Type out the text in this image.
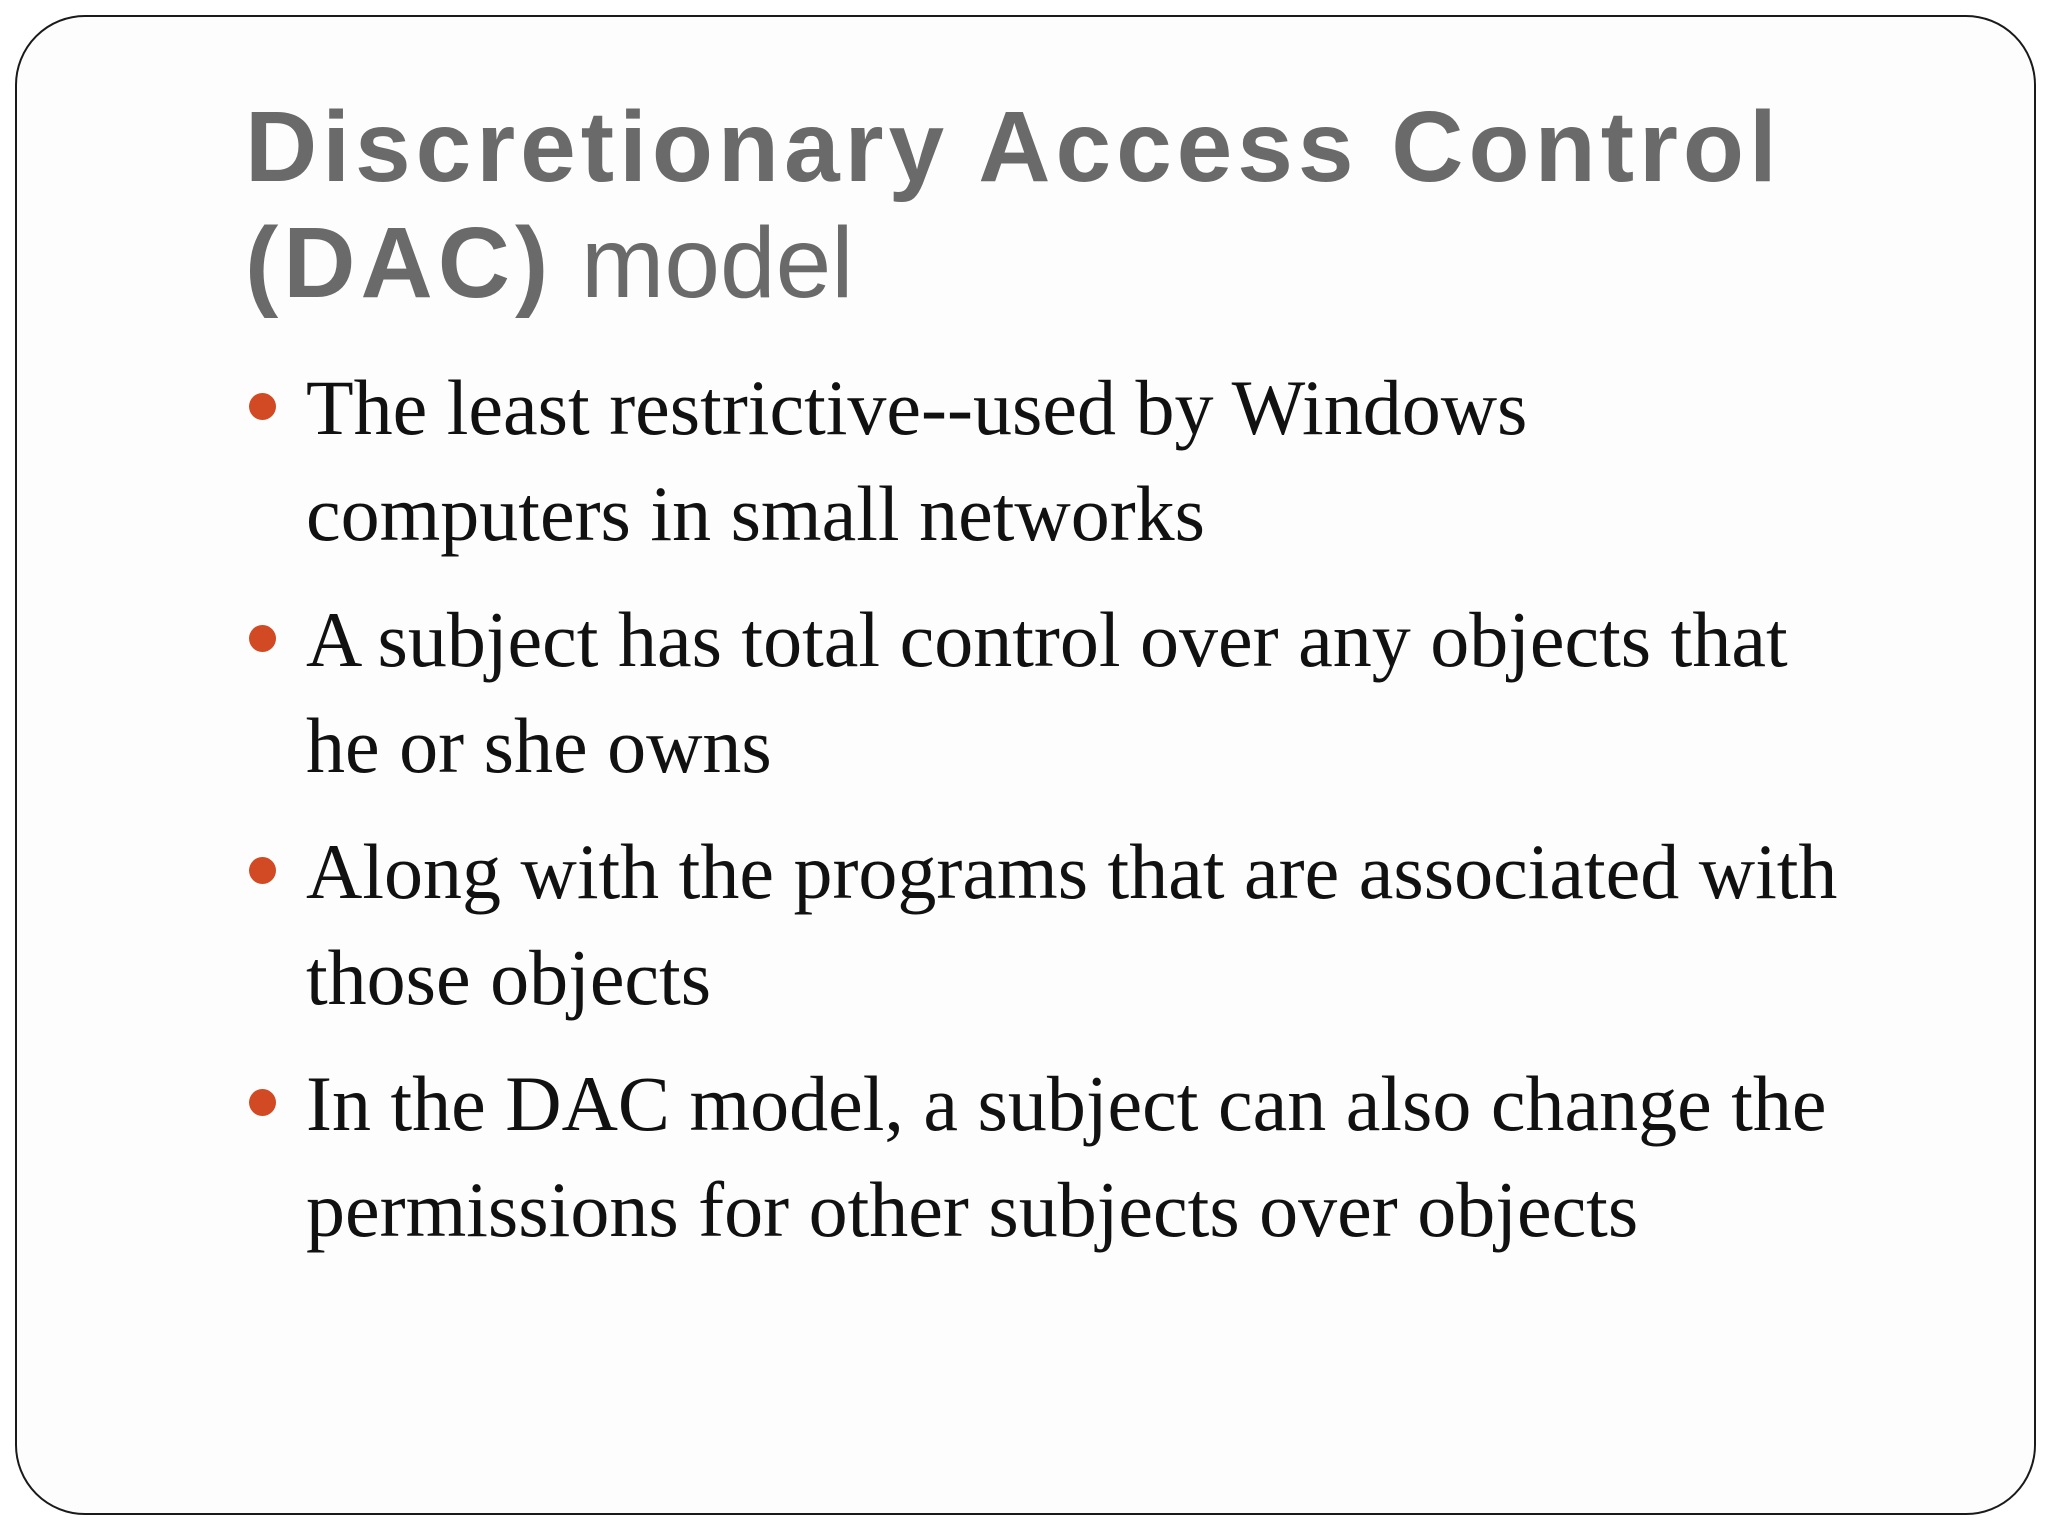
Discretionary Access Control
(DAC) model
The least restrictive--used by Windows
computers in small networks
A subject has total control over any objects that
he or she owns
Along with the programs that are associated with
those objects
In the DAC model, a subject can also change the
permissions for other subjects over objects
